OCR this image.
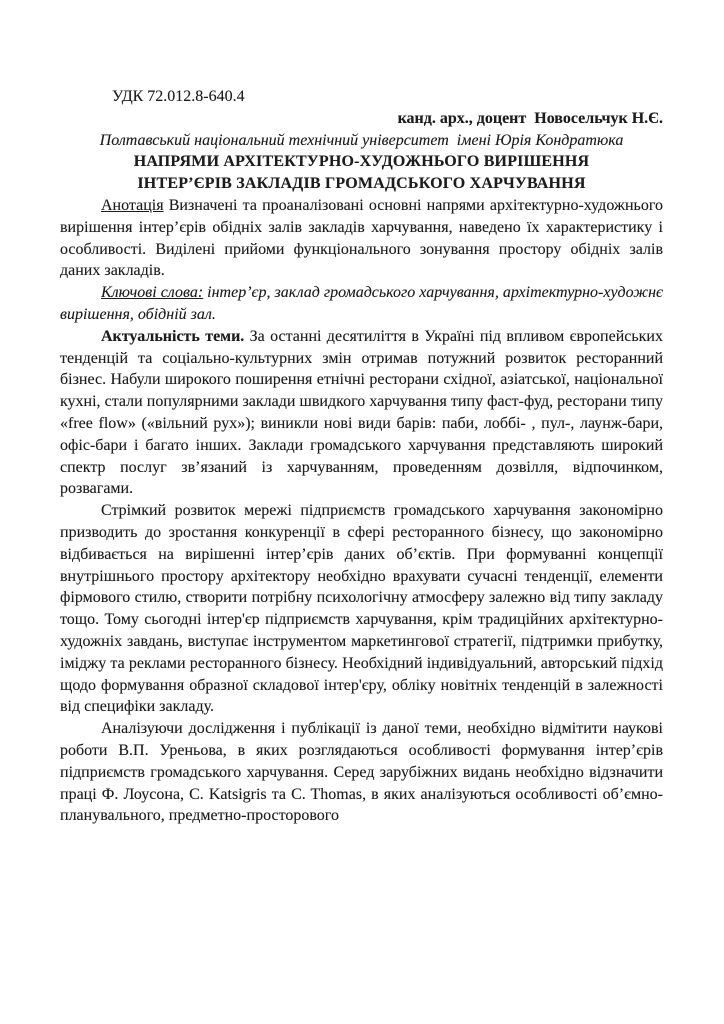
УДК 72.012.8-640.4
канд. арх., доцент  Новосельчук Н.Є.
Полтавський національний технічний університет  імені Юрія Кондратюка
НАПРЯМИ АРХІТЕКТУРНО-ХУДОЖНЬОГО ВИРІШЕННЯ
ІНТЕР’ЄРІВ ЗАКЛАДІВ ГРОМАДСЬКОГО ХАРЧУВАННЯ

Анотація Визначені та проаналізовані основні напрями архітектурно-художнього вирішення інтер’єрів обідніх залів закладів харчування, наведено їх характеристику і особливості. Виділені прийоми функціонального зонування простору обідніх залів даних закладів.

Ключові слова: інтер’єр, заклад громадського харчування, архітектурно-художнє вирішення, обідній зал.

Актуальність теми. За останні десятиліття в Україні під впливом європейських тенденцій та соціально-культурних змін отримав потужний розвиток ресторанний бізнес. Набули широкого поширення етнічні ресторани східної, азіатської, національної кухні, стали популярними заклади швидкого харчування типу фаст-фуд, ресторани типу «free flow» («вільний рух»); виникли нові види барів: паби, лоббі- , пул-, лаунж-бари, офіс-бари і багато інших. Заклади громадського харчування представляють широкий спектр послуг зв’язаний із харчуванням, проведенням дозвілля, відпочинком, розвагами.

Стрімкий розвиток мережі підприємств громадського харчування закономірно призводить до зростання конкуренції в сфері ресторанного бізнесу, що закономірно відбивається на вирішенні інтер’єрів даних об’єктів. При формуванні концепції внутрішнього простору архітектору необхідно врахувати сучасні тенденції, елементи фірмового стилю, створити потрібну психологічну атмосферу залежно від типу закладу тощо. Тому сьогодні інтер'єр підприємств харчування, крім традиційних архітектурно-художніх завдань, виступає інструментом маркетингової стратегії, підтримки прибутку, іміджу та реклами ресторанного бізнесу. Необхідний індивідуальний, авторський підхід щодо формування образної складової інтер'єру, обліку новітніх тенденцій в залежності від специфіки закладу.

Аналізуючи дослідження і публікації із даної теми, необхідно відмітити наукові роботи В.П. Уреньова, в яких розглядаються особливості формування інтер’єрів підприємств громадського харчування. Серед зарубіжних видань необхідно відзначити праці Ф. Лоусона, C. Katsigris та C. Thomas, в яких аналізуються особливості об’ємно-планувального, предметно-просторового
